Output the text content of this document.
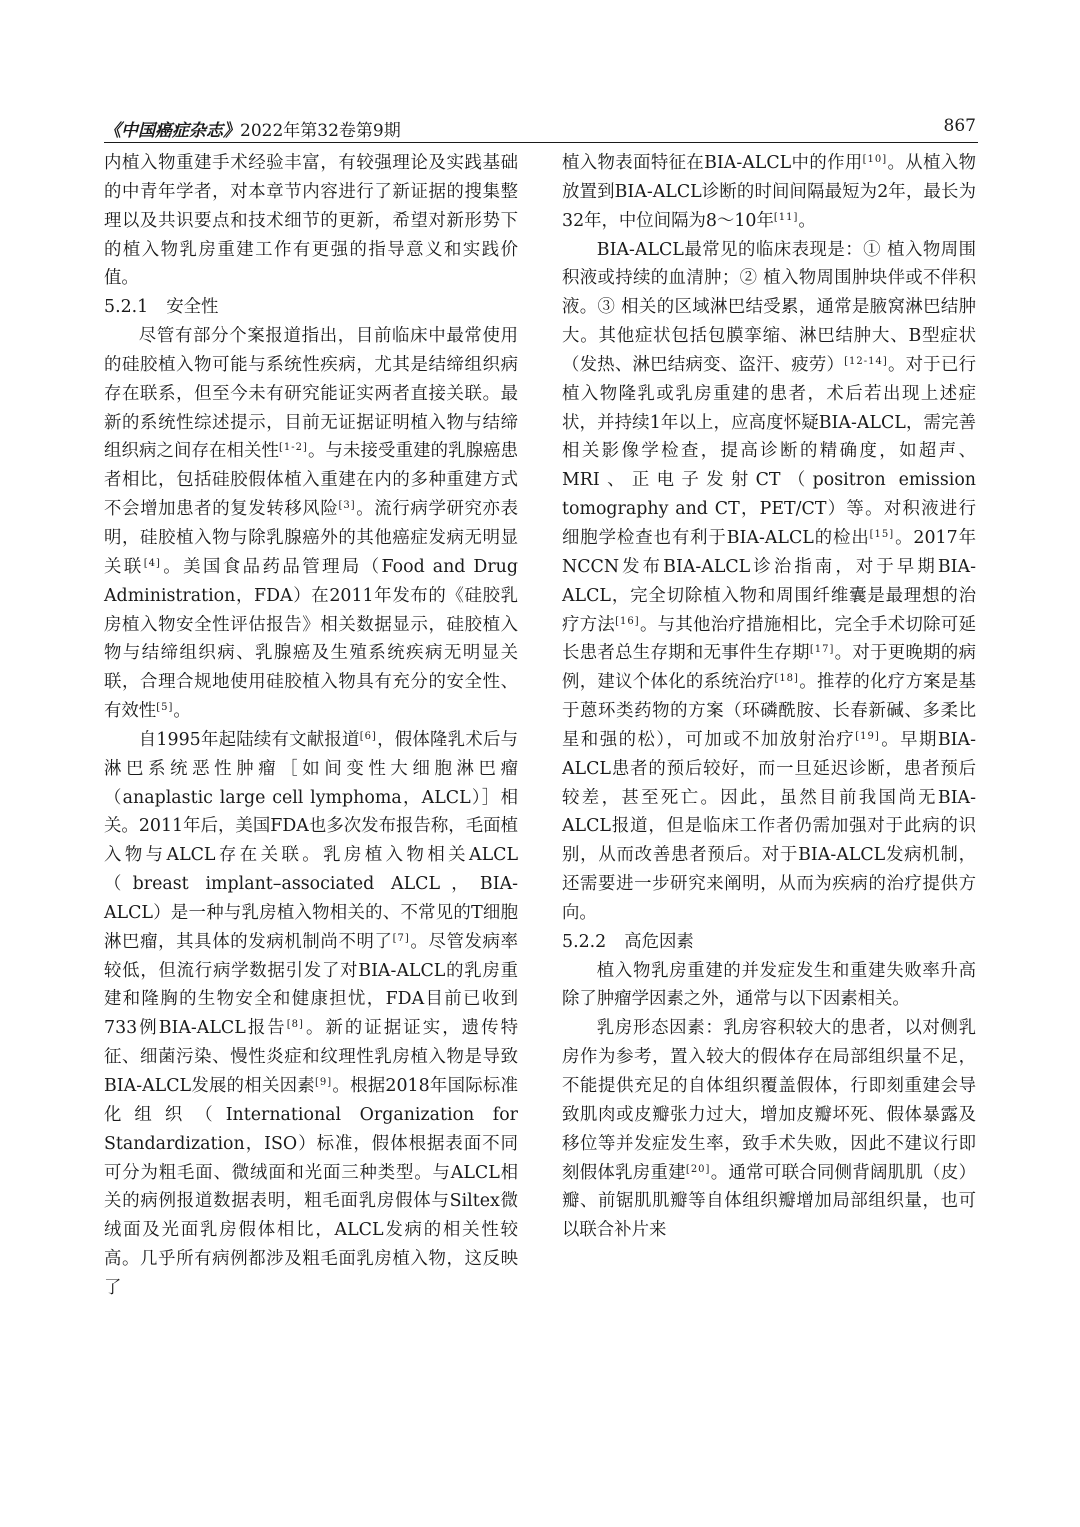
《中国癌症杂志》2022年第32卷第9期	867

内植入物重建手术经验丰富，有较强理论及实践基础的中青年学者，对本章节内容进行了新证据的搜集整理以及共识要点和技术细节的更新，希望对新形势下的植入物乳房重建工作有更强的指导意义和实践价值。

5.2.1 安全性

尽管有部分个案报道指出，目前临床中最常使用的硅胶植入物可能与系统性疾病，尤其是结缔组织病存在联系，但至今未有研究能证实两者直接关联。最新的系统性综述提示，目前无证据证明植入物与结缔组织病之间存在相关性[1-2]。与未接受重建的乳腺癌患者相比，包括硅胶假体植入重建在内的多种重建方式不会增加患者的复发转移风险[3]。流行病学研究亦表明，硅胶植入物与除乳腺癌外的其他癌症发病无明显关联[4]。美国食品药品管理局（Food and Drug Administration，FDA）在2011年发布的《硅胶乳房植入物安全性评估报告》相关数据显示，硅胶植入物与结缔组织病、乳腺癌及生殖系统疾病无明显关联，合理合规地使用硅胶植入物具有充分的安全性、有效性[5]。

自1995年起陆续有文献报道[6]，假体隆乳术后与淋巴系统恶性肿瘤［如间变性大细胞淋巴瘤（anaplastic large cell lymphoma，ALCL）］相关。2011年后，美国FDA也多次发布报告称，毛面植入物与ALCL存在关联。乳房植入物相关ALCL（breast implant–associated ALCL，BIA-ALCL）是一种与乳房植入物相关的、不常见的T细胞淋巴瘤，其具体的发病机制尚不明了[7]。尽管发病率较低，但流行病学数据引发了对BIA-ALCL的乳房重建和隆胸的生物安全和健康担忧，FDA目前已收到733例BIA-ALCL报告[8]。新的证据证实，遗传特征、细菌污染、慢性炎症和纹理性乳房植入物是导致BIA-ALCL发展的相关因素[9]。根据2018年国际标准化组织（International Organization for Standardization，ISO）标准，假体根据表面不同可分为粗毛面、微绒面和光面三种类型。与ALCL相关的病例报道数据表明，粗毛面乳房假体与Siltex微绒面及光面乳房假体相比，ALCL发病的相关性较高。几乎所有病例都涉及粗毛面乳房植入物，这反映了

植入物表面特征在BIA-ALCL中的作用[10]。从植入物放置到BIA-ALCL诊断的时间间隔最短为2年，最长为32年，中位间隔为8～10年[11]。

BIA-ALCL最常见的临床表现是：① 植入物周围积液或持续的血清肿；② 植入物周围肿块伴或不伴积液。③ 相关的区域淋巴结受累，通常是腋窝淋巴结肿大。其他症状包括包膜挛缩、淋巴结肿大、B型症状（发热、淋巴结病变、盗汗、疲劳）[12-14]。对于已行植入物隆乳或乳房重建的患者，术后若出现上述症状，并持续1年以上，应高度怀疑BIA-ALCL，需完善相关影像学检查，提高诊断的精确度，如超声、MRI、正电子发射CT（positron emission tomography and CT，PET/CT）等。对积液进行细胞学检查也有利于BIA-ALCL的检出[15]。2017年NCCN发布BIA-ALCL诊治指南，对于早期BIA-ALCL，完全切除植入物和周围纤维囊是最理想的治疗方法[16]。与其他治疗措施相比，完全手术切除可延长患者总生存期和无事件生存期[17]。对于更晚期的病例，建议个体化的系统治疗[18]。推荐的化疗方案是基于蒽环类药物的方案（环磷酰胺、长春新碱、多柔比星和强的松），可加或不加放射治疗[19]。早期BIA-ALCL患者的预后较好，而一旦延迟诊断，患者预后较差，甚至死亡。因此，虽然目前我国尚无BIA-ALCL报道，但是临床工作者仍需加强对于此病的识别，从而改善患者预后。对于BIA-ALCL发病机制，还需要进一步研究来阐明，从而为疾病的治疗提供方向。

5.2.2 高危因素

植入物乳房重建的并发症发生和重建失败率升高除了肿瘤学因素之外，通常与以下因素相关。

乳房形态因素：乳房容积较大的患者，以对侧乳房作为参考，置入较大的假体存在局部组织量不足，不能提供充足的自体组织覆盖假体，行即刻重建会导致肌肉或皮瓣张力过大，增加皮瓣坏死、假体暴露及移位等并发症发生率，致手术失败，因此不建议行即刻假体乳房重建[20]。通常可联合同侧背阔肌肌（皮）瓣、前锯肌肌瓣等自体组织瓣增加局部组织量，也可以联合补片来
